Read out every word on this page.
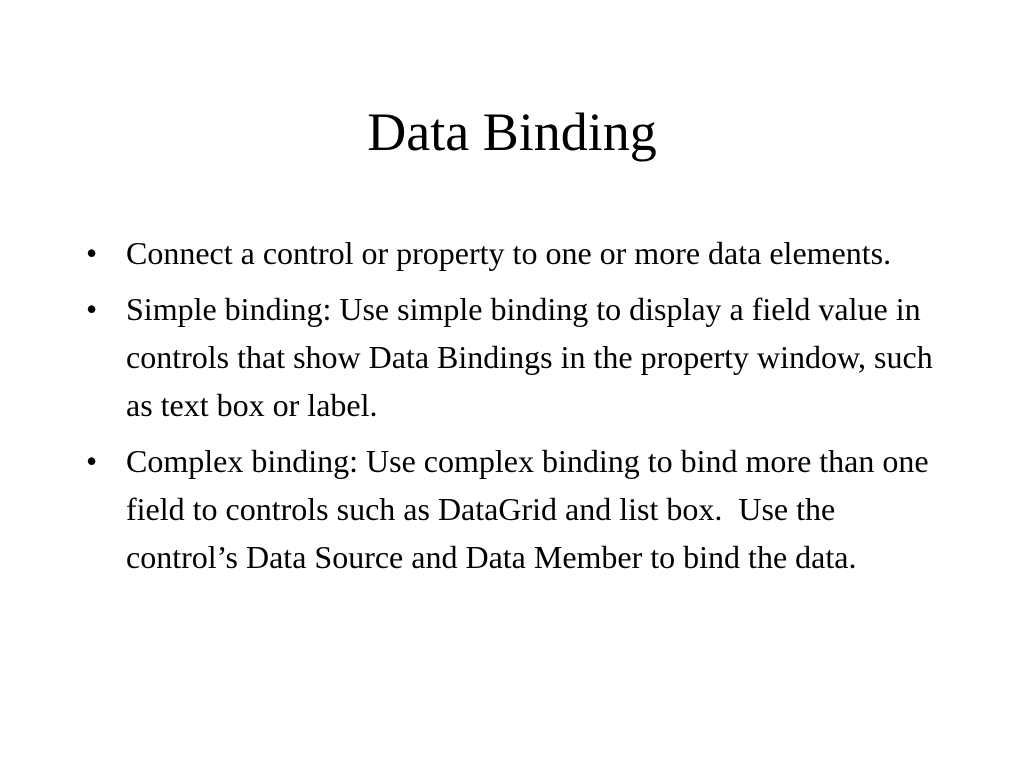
Data Binding
• Connect a control or property to one or more data elements.
• Simple binding: Use simple binding to display a field value in controls that show Data Bindings in the property window, such as text box or label.
• Complex binding: Use complex binding to bind more than one field to controls such as DataGrid and list box.  Use the control’s Data Source and Data Member to bind the data.
